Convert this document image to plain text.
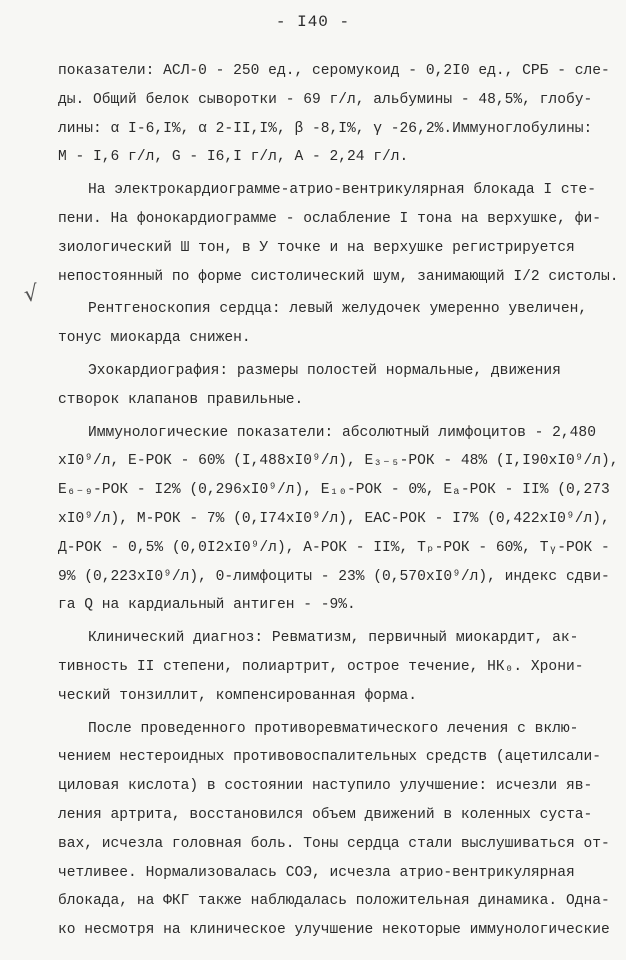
- I40 -
√
показатели: АСЛ-0 - 250 ед., серомукоид - 0,2I0 ед., СРБ - сле-
ды. Общий белок сыворотки - 69 г/л, альбумины - 48,5%, глобу-
лины: α I-6,I%, α 2-II,I%, β -8,I%, γ -26,2%.Иммуноглобулины:
М - I,6 г/л, G - I6,I г/л, А - 2,24 г/л.
На электрокардиограмме-атрио-вентрикулярная блокада I сте-
пени. На фонокардиограмме - ослабление I тона на верхушке, фи-
зиологический Ш тон, в У точке и на верхушке регистрируется
непостоянный по форме систолический шум, занимающий I/2 систолы.
Рентгеноскопия сердца: левый желудочек умеренно увеличен,
тонус миокарда снижен.
Эхокардиография: размеры полостей нормальные, движения
створок клапанов правильные.
Иммунологические показатели: абсолютный лимфоцитов - 2,480
xI0⁹/л, Е-РОК - 60% (I,488xI0⁹/л), Е₃₋₅-РОК - 48% (I,I90xI0⁹/л),
Е₆₋₉-РОК - I2% (0,296xI0⁹/л), Е₁₀-РОК - 0%, Еₐ-РОК - II% (0,273
xI0⁹/л), М-РОК - 7% (0,I74xI0⁹/л), ЕАС-РОК - I7% (0,422xI0⁹/л),
Д-РОК - 0,5% (0,0I2xI0⁹/л), А-РОК - II%, Тₚ-РОК - 60%, Тᵧ-РОК -
9% (0,223xI0⁹/л), 0-лимфоциты - 23% (0,570xI0⁹/л), индекс сдви-
га Q на кардиальный антиген - -9%.
Клинический диагноз: Ревматизм, первичный миокардит, ак-
тивность II степени, полиартрит, острое течение, НК₀. Хрони-
ческий тонзиллит, компенсированная форма.
После проведенного противоревматического лечения с вклю-
чением нестероидных противовоспалительных средств (ацетилсали-
циловая кислота) в состоянии наступило улучшение: исчезли яв-
ления артрита, восстановился объем движений в коленных суста-
вах, исчезла головная боль. Тоны сердца стали выслушиваться от-
четливее. Нормализовалась СОЭ, исчезла атрио-вентрикулярная
блокада, на ФКГ также наблюдалась положительная динамика. Одна-
ко несмотря на клиническое улучшение некоторые иммунологические
